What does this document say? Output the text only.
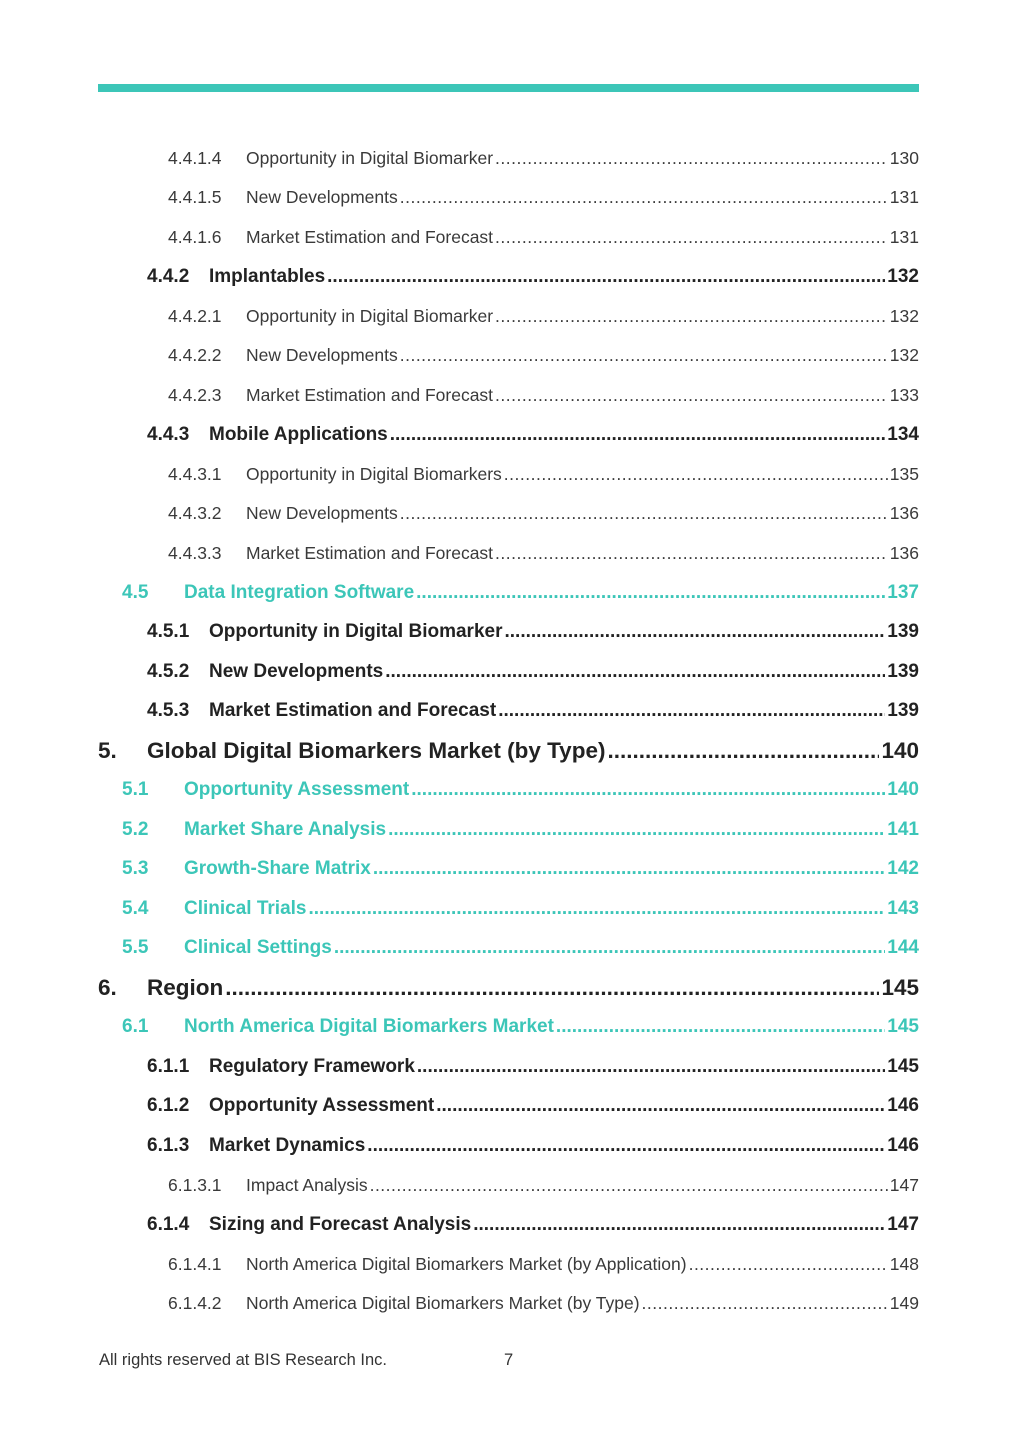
4.4.1.4	Opportunity in Digital Biomarker .....	130
4.4.1.5	New Developments .....	131
4.4.1.6	Market Estimation and Forecast .....	131
4.4.2	Implantables .....	132
4.4.2.1	Opportunity in Digital Biomarker .....	132
4.4.2.2	New Developments .....	132
4.4.2.3	Market Estimation and Forecast .....	133
4.4.3	Mobile Applications .....	134
4.4.3.1	Opportunity in Digital Biomarkers .....	135
4.4.3.2	New Developments .....	136
4.4.3.3	Market Estimation and Forecast .....	136
4.5	Data Integration Software .....	137
4.5.1	Opportunity in Digital Biomarker .....	139
4.5.2	New Developments .....	139
4.5.3	Market Estimation and Forecast .....	139
5.	Global Digital Biomarkers Market (by Type) .....	140
5.1	Opportunity Assessment .....	140
5.2	Market Share Analysis .....	141
5.3	Growth-Share Matrix .....	142
5.4	Clinical Trials .....	143
5.5	Clinical Settings .....	144
6.	Region .....	145
6.1	North America Digital Biomarkers Market .....	145
6.1.1	Regulatory Framework .....	145
6.1.2	Opportunity Assessment .....	146
6.1.3	Market Dynamics .....	146
6.1.3.1	Impact Analysis .....	147
6.1.4	Sizing and Forecast Analysis .....	147
6.1.4.1	North America Digital Biomarkers Market (by Application) .....	148
6.1.4.2	North America Digital Biomarkers Market (by Type) .....	149
All rights reserved at BIS Research Inc.	7
